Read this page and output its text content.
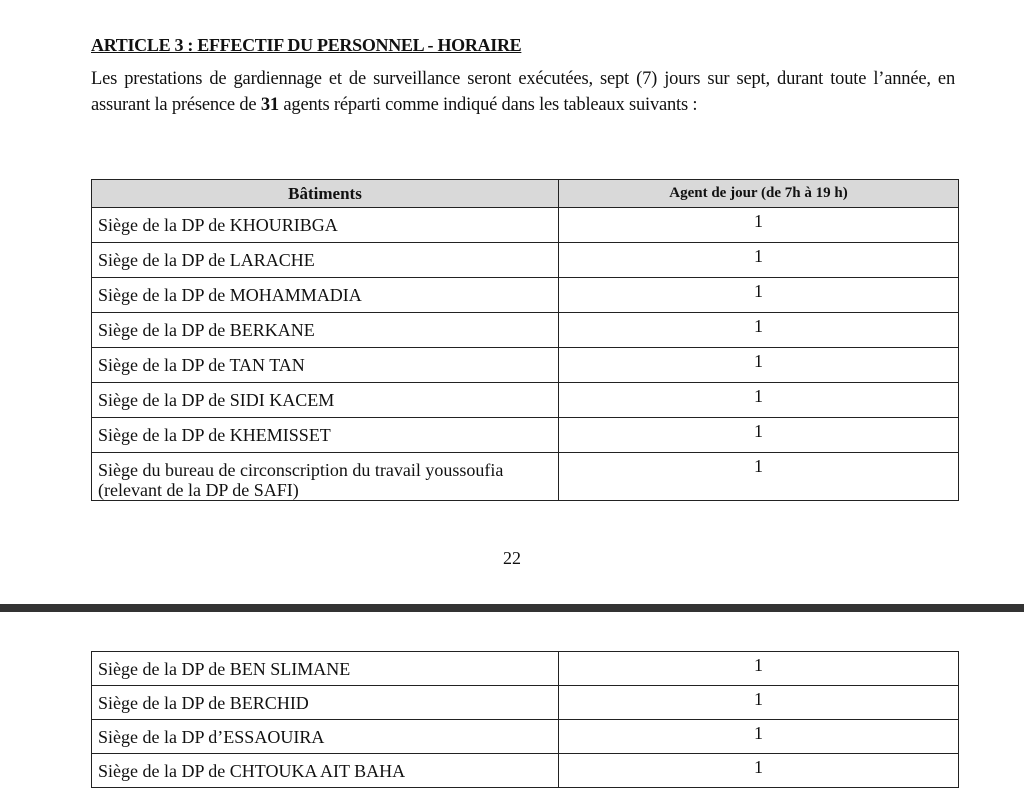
ARTICLE 3 : EFFECTIF DU PERSONNEL - HORAIRE
Les prestations de gardiennage et de surveillance seront exécutées, sept (7) jours sur sept, durant toute l’année, en assurant la présence de 31 agents réparti comme indiqué dans les tableaux suivants :
Bâtiments	Agent de jour (de 7h à 19 h)
Siège de la DP de KHOURIBGA	1
Siège de la DP de LARACHE	1
Siège de la DP de MOHAMMADIA	1
Siège de la DP de BERKANE	1
Siège de la DP de TAN TAN	1
Siège de la DP de SIDI KACEM	1
Siège de la DP de KHEMISSET	1
Siège du bureau de circonscription du travail youssoufia (relevant de la DP de SAFI)	1
22
Siège de la DP de BEN SLIMANE	1
Siège de la DP de BERCHID	1
Siège de la DP d’ESSAOUIRA	1
Siège de la DP de CHTOUKA AIT BAHA	1
